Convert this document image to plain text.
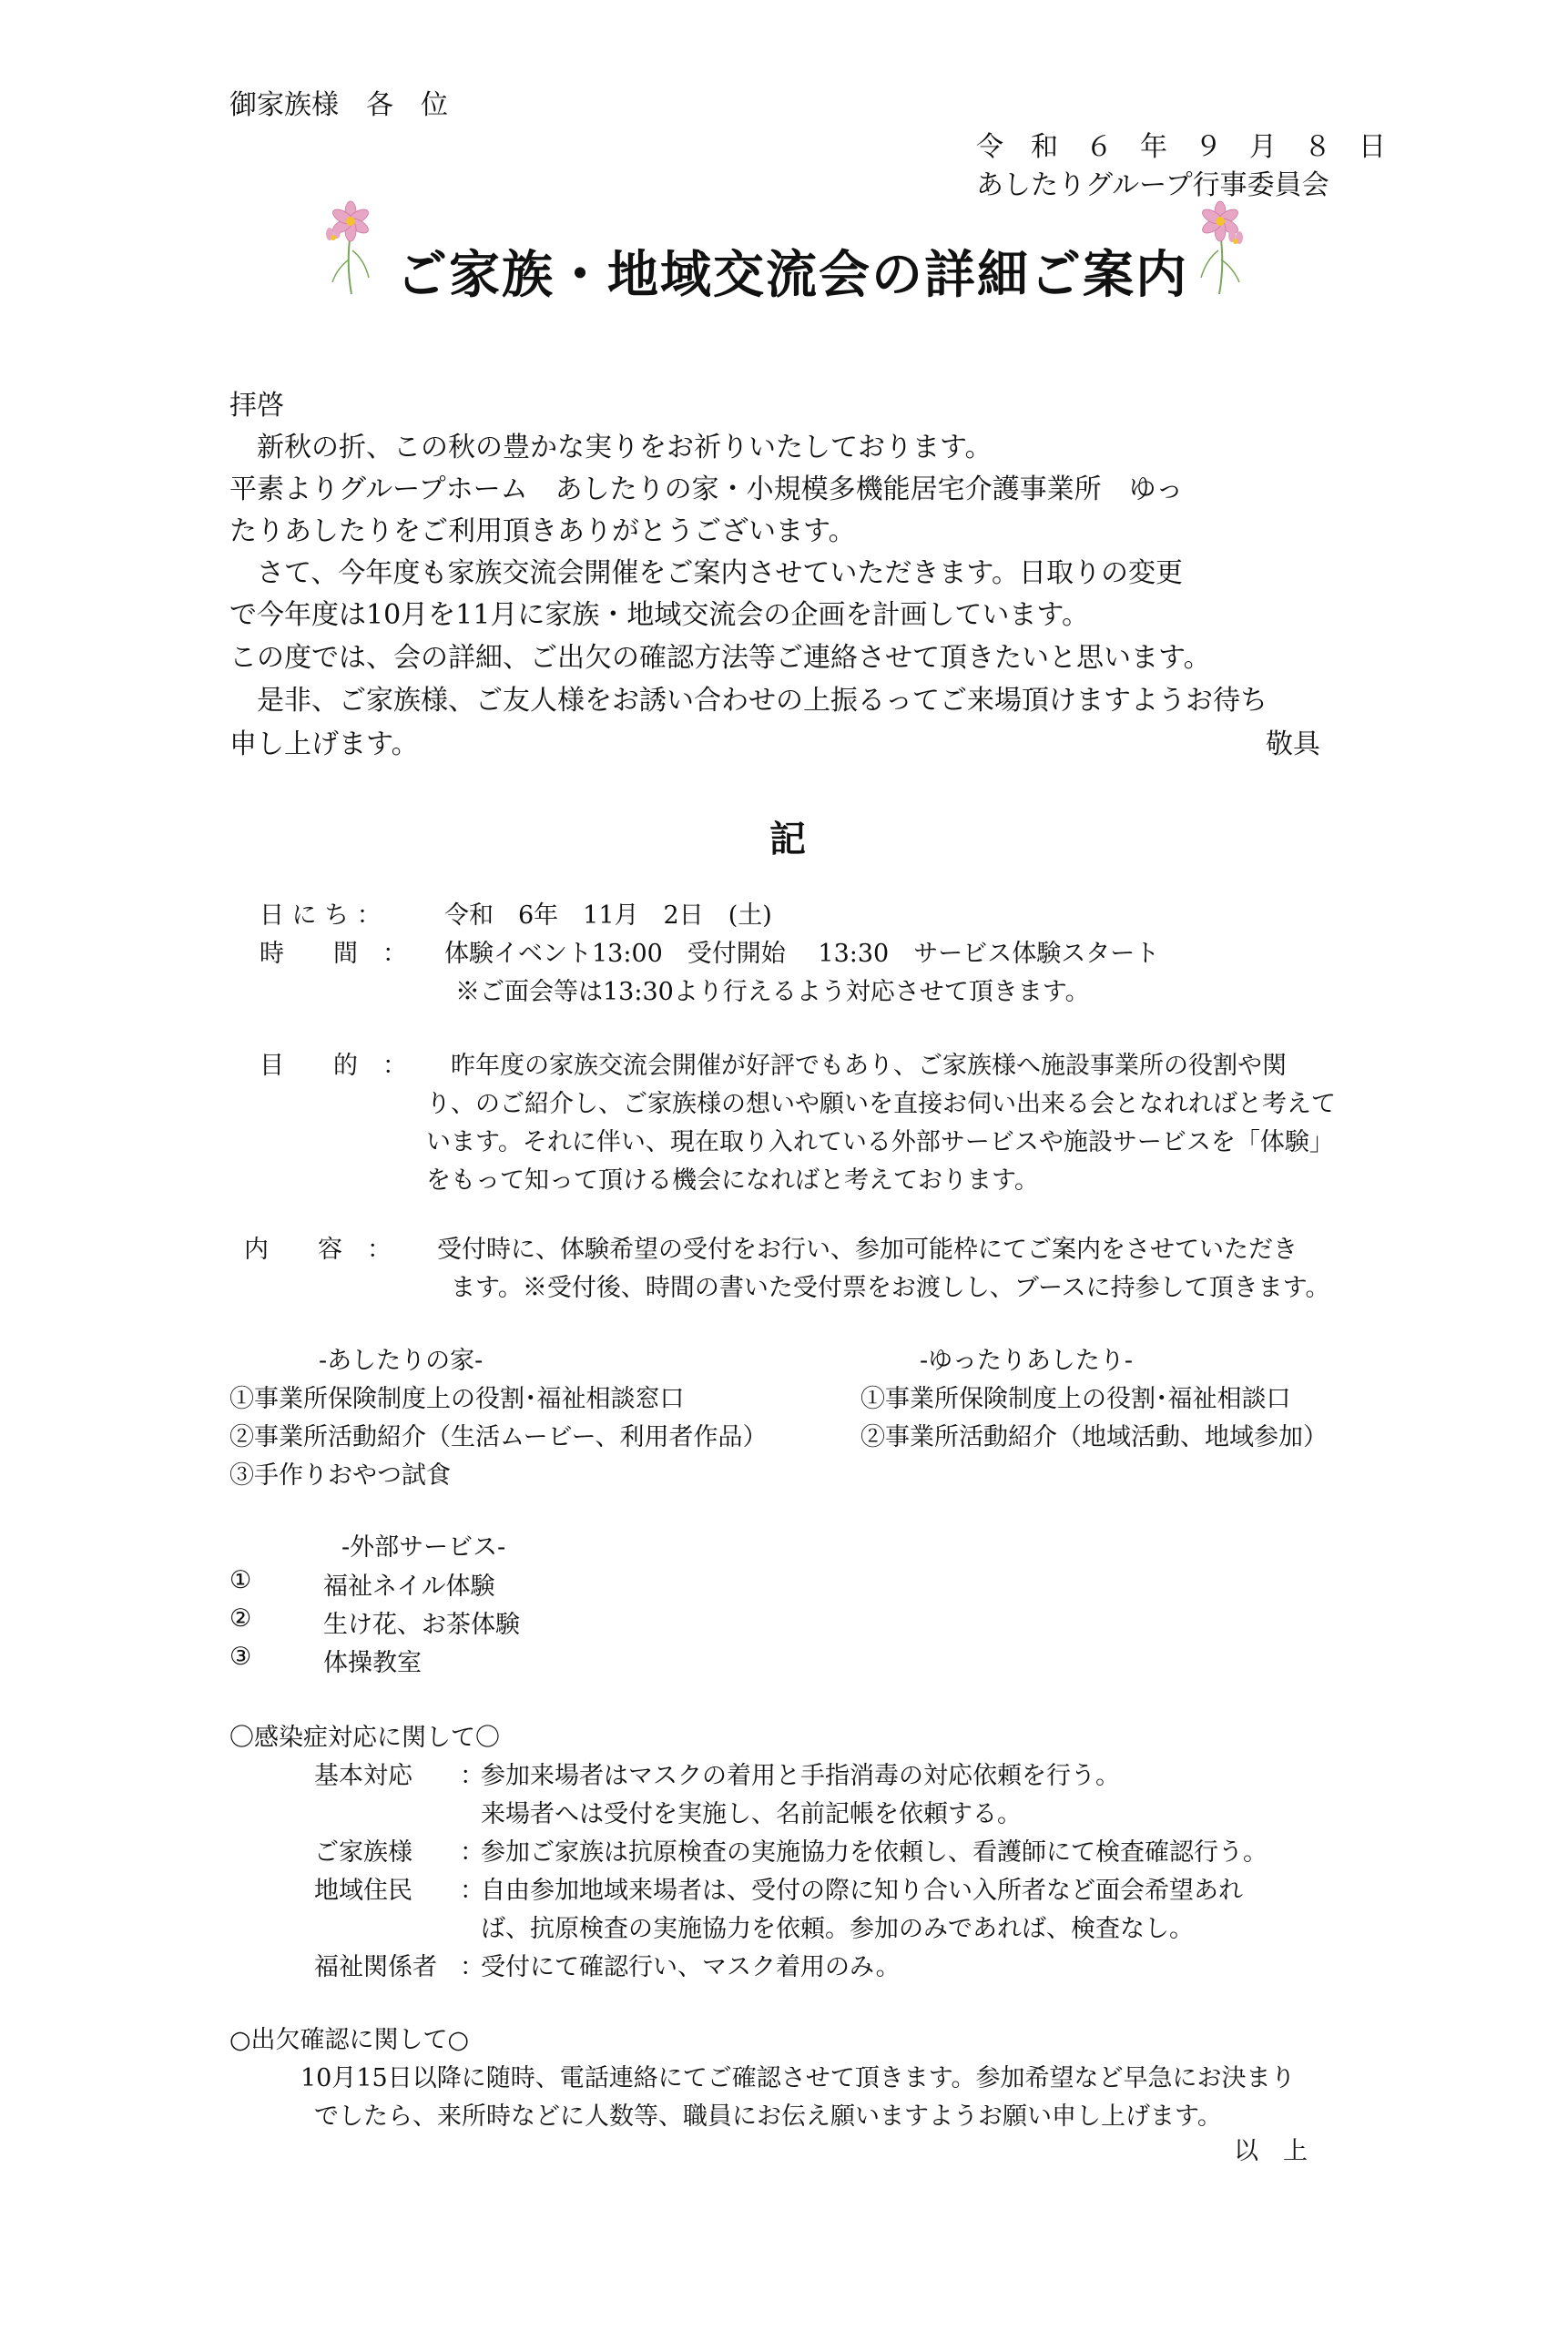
御家族様　各　位
令　和　６　年　９　月　８　日
あしたりグループ行事委員会
ご家族・地域交流会の詳細ご案内
拝啓
　新秋の折、この秋の豊かな実りをお祈りいたしております。
平素よりグループホーム　あしたりの家・小規模多機能居宅介護事業所　ゆっ
たりあしたりをご利用頂きありがとうございます。
　さて、今年度も家族交流会開催をご案内させていただきます。日取りの変更
で今年度は10月を11月に家族・地域交流会の企画を計画しています。
この度では、会の詳細、ご出欠の確認方法等ご連絡させて頂きたいと思います。
　是非、ご家族様、ご友人様をお誘い合わせの上振るってご来場頂けますようお待ち
申し上げます。	敬具
記
日 に ち ：	令和　6年　11月　2日　(土)
時　　間　： 体験イベント13:00　受付開始　 13:30　サービス体験スタート
※ご面会等は13:30より行えるよう対応させて頂きます。
目　　的　： 　昨年度の家族交流会開催が好評でもあり、ご家族様へ施設事業所の役割や関
り、のご紹介し、ご家族様の想いや願いを直接お伺い出来る会となれればと考えて
います。それに伴い、現在取り入れている外部サービスや施設サービスを「体験」
をもって知って頂ける機会になればと考えております。
内　　容　： 受付時に、体験希望の受付をお行い、参加可能枠にてご案内をさせていただき
ます。※受付後、時間の書いた受付票をお渡しし、ブースに持参して頂きます。
-あしたりの家-
①事業所保険制度上の役割･福祉相談窓口
②事業所活動紹介（生活ムービー、利用者作品）
③手作りおやつ試食
-ゆったりあしたり-
①事業所保険制度上の役割･福祉相談口
②事業所活動紹介（地域活動、地域参加）
-外部サービス-
①	福祉ネイル体験
②	生け花、お茶体験
③	体操教室
〇感染症対応に関して〇
基本対応 ：
参加来場者はマスクの着用と手指消毒の対応依頼を行う。
来場者へは受付を実施し、名前記帳を依頼する。
ご家族様 ：
参加ご家族は抗原検査の実施協力を依頼し、看護師にて検査確認行う。
地域住民 ：
自由参加地域来場者は、受付の際に知り合い入所者など面会希望あれ
ば、抗原検査の実施協力を依頼。参加のみであれば、検査なし。
福祉関係者 ：
受付にて確認行い、マスク着用のみ。
○出欠確認に関して○
10月15日以降に随時、電話連絡にてご確認させて頂きます。参加希望など早急にお決まり
でしたら、来所時などに人数等、職員にお伝え願いますようお願い申し上げます。
以　上
